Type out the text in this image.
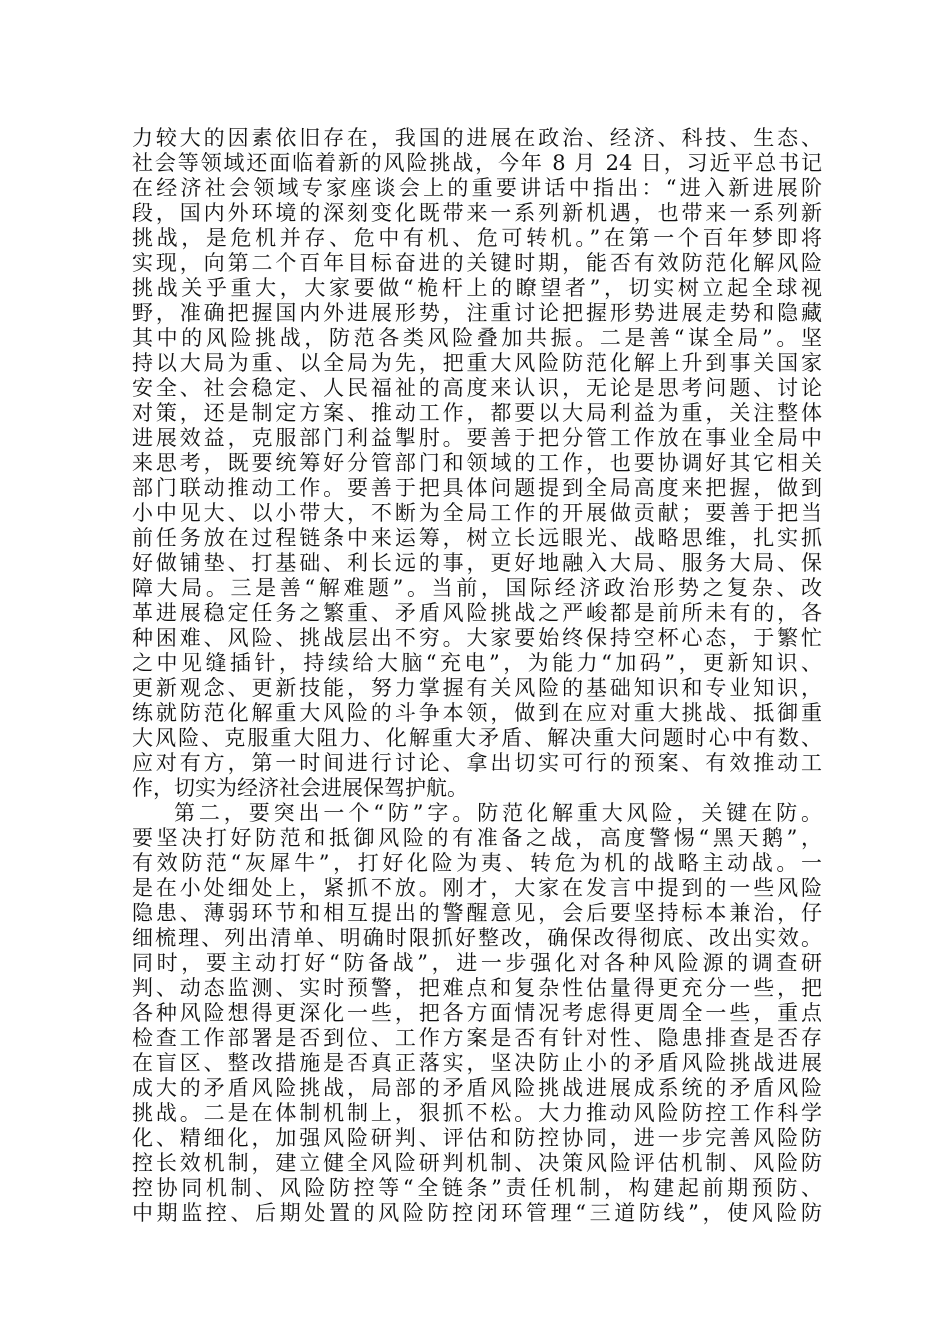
力较大的因素依旧存在，我国的进展在政治、经济、科技、生态、
社会等领域还面临着新的风险挑战，今年 8 月 24 日，习近平总书记
在经济社会领域专家座谈会上的重要讲话中指出：“进入新进展阶
段，国内外环境的深刻变化既带来一系列新机遇，也带来一系列新
挑战，是危机并存、危中有机、危可转机。”在第一个百年梦即将
实现，向第二个百年目标奋进的关键时期，能否有效防范化解风险
挑战关乎重大，大家要做“桅杆上的瞭望者”，切实树立起全球视
野，准确把握国内外进展形势，注重讨论把握形势进展走势和隐藏
其中的风险挑战，防范各类风险叠加共振。二是善“谋全局”。坚
持以大局为重、以全局为先，把重大风险防范化解上升到事关国家
安全、社会稳定、人民福祉的高度来认识，无论是思考问题、讨论
对策，还是制定方案、推动工作，都要以大局利益为重，关注整体
进展效益，克服部门利益掣肘。要善于把分管工作放在事业全局中
来思考，既要统筹好分管部门和领域的工作，也要协调好其它相关
部门联动推动工作。要善于把具体问题提到全局高度来把握，做到
小中见大、以小带大，不断为全局工作的开展做贡献；要善于把当
前任务放在过程链条中来运筹，树立长远眼光、战略思维，扎实抓
好做铺垫、打基础、利长远的事，更好地融入大局、服务大局、保
障大局。三是善“解难题”。当前，国际经济政治形势之复杂、改
革进展稳定任务之繁重、矛盾风险挑战之严峻都是前所未有的，各
种困难、风险、挑战层出不穷。大家要始终保持空杯心态，于繁忙
之中见缝插针，持续给大脑“充电”，为能力“加码”，更新知识、
更新观念、更新技能，努力掌握有关风险的基础知识和专业知识，
练就防范化解重大风险的斗争本领，做到在应对重大挑战、抵御重
大风险、克服重大阻力、化解重大矛盾、解决重大问题时心中有数、
应对有方，第一时间进行讨论、拿出切实可行的预案、有效推动工
作，切实为经济社会进展保驾护航。
第二，要突出一个“防”字。防范化解重大风险，关键在防。
要坚决打好防范和抵御风险的有准备之战，高度警惕“黑天鹅”，
有效防范“灰犀牛”，打好化险为夷、转危为机的战略主动战。一
是在小处细处上，紧抓不放。刚才，大家在发言中提到的一些风险
隐患、薄弱环节和相互提出的警醒意见，会后要坚持标本兼治，仔
细梳理、列出清单、明确时限抓好整改，确保改得彻底、改出实效。
同时，要主动打好“防备战”，进一步强化对各种风险源的调查研
判、动态监测、实时预警，把难点和复杂性估量得更充分一些，把
各种风险想得更深化一些，把各方面情况考虑得更周全一些，重点
检查工作部署是否到位、工作方案是否有针对性、隐患排查是否存
在盲区、整改措施是否真正落实，坚决防止小的矛盾风险挑战进展
成大的矛盾风险挑战，局部的矛盾风险挑战进展成系统的矛盾风险
挑战。二是在体制机制上，狠抓不松。大力推动风险防控工作科学
化、精细化，加强风险研判、评估和防控协同，进一步完善风险防
控长效机制，建立健全风险研判机制、决策风险评估机制、风险防
控协同机制、风险防控等“全链条”责任机制，构建起前期预防、
中期监控、后期处置的风险防控闭环管理“三道防线”，使风险防
